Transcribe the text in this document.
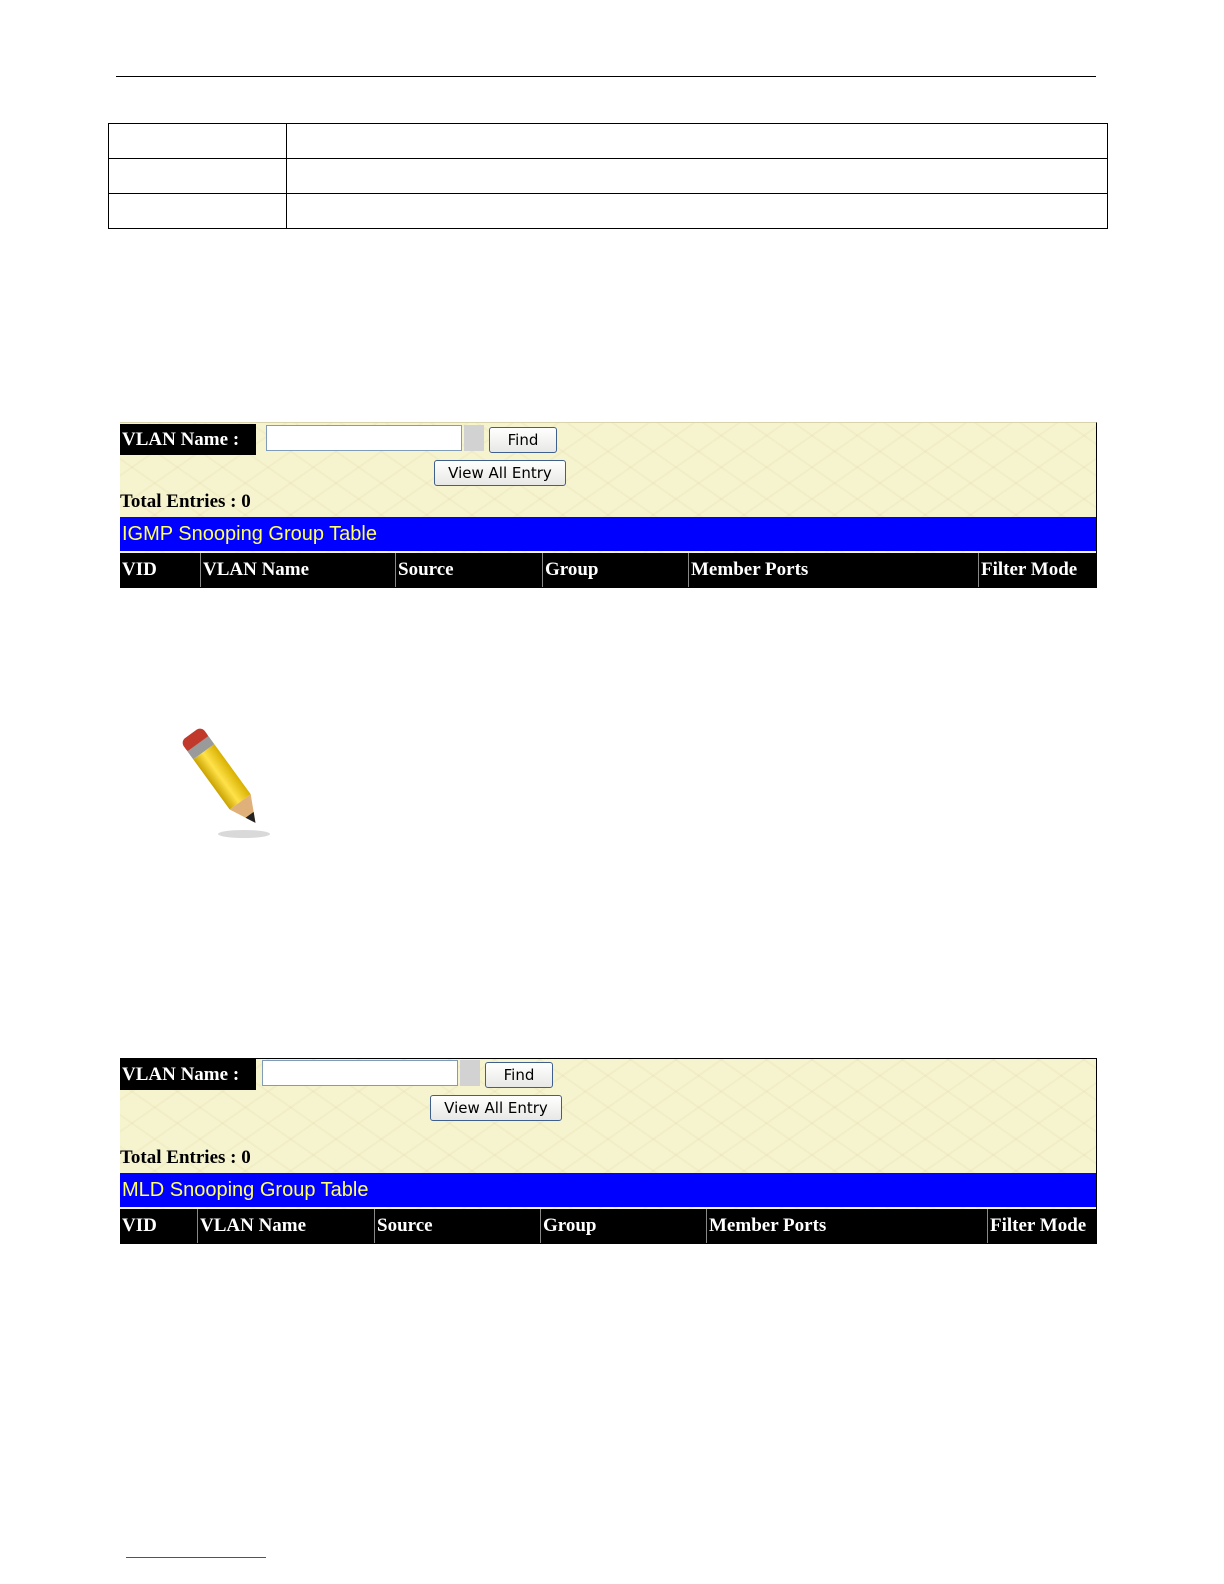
VLAN Name :	Find
View All Entry
Total Entries : 0
IGMP Snooping Group Table
VID	VLAN Name	Source	Group	Member Ports	Filter Mode
VLAN Name :	Find
View All Entry
Total Entries : 0
MLD Snooping Group Table
VID	VLAN Name	Source	Group	Member Ports	Filter Mode
